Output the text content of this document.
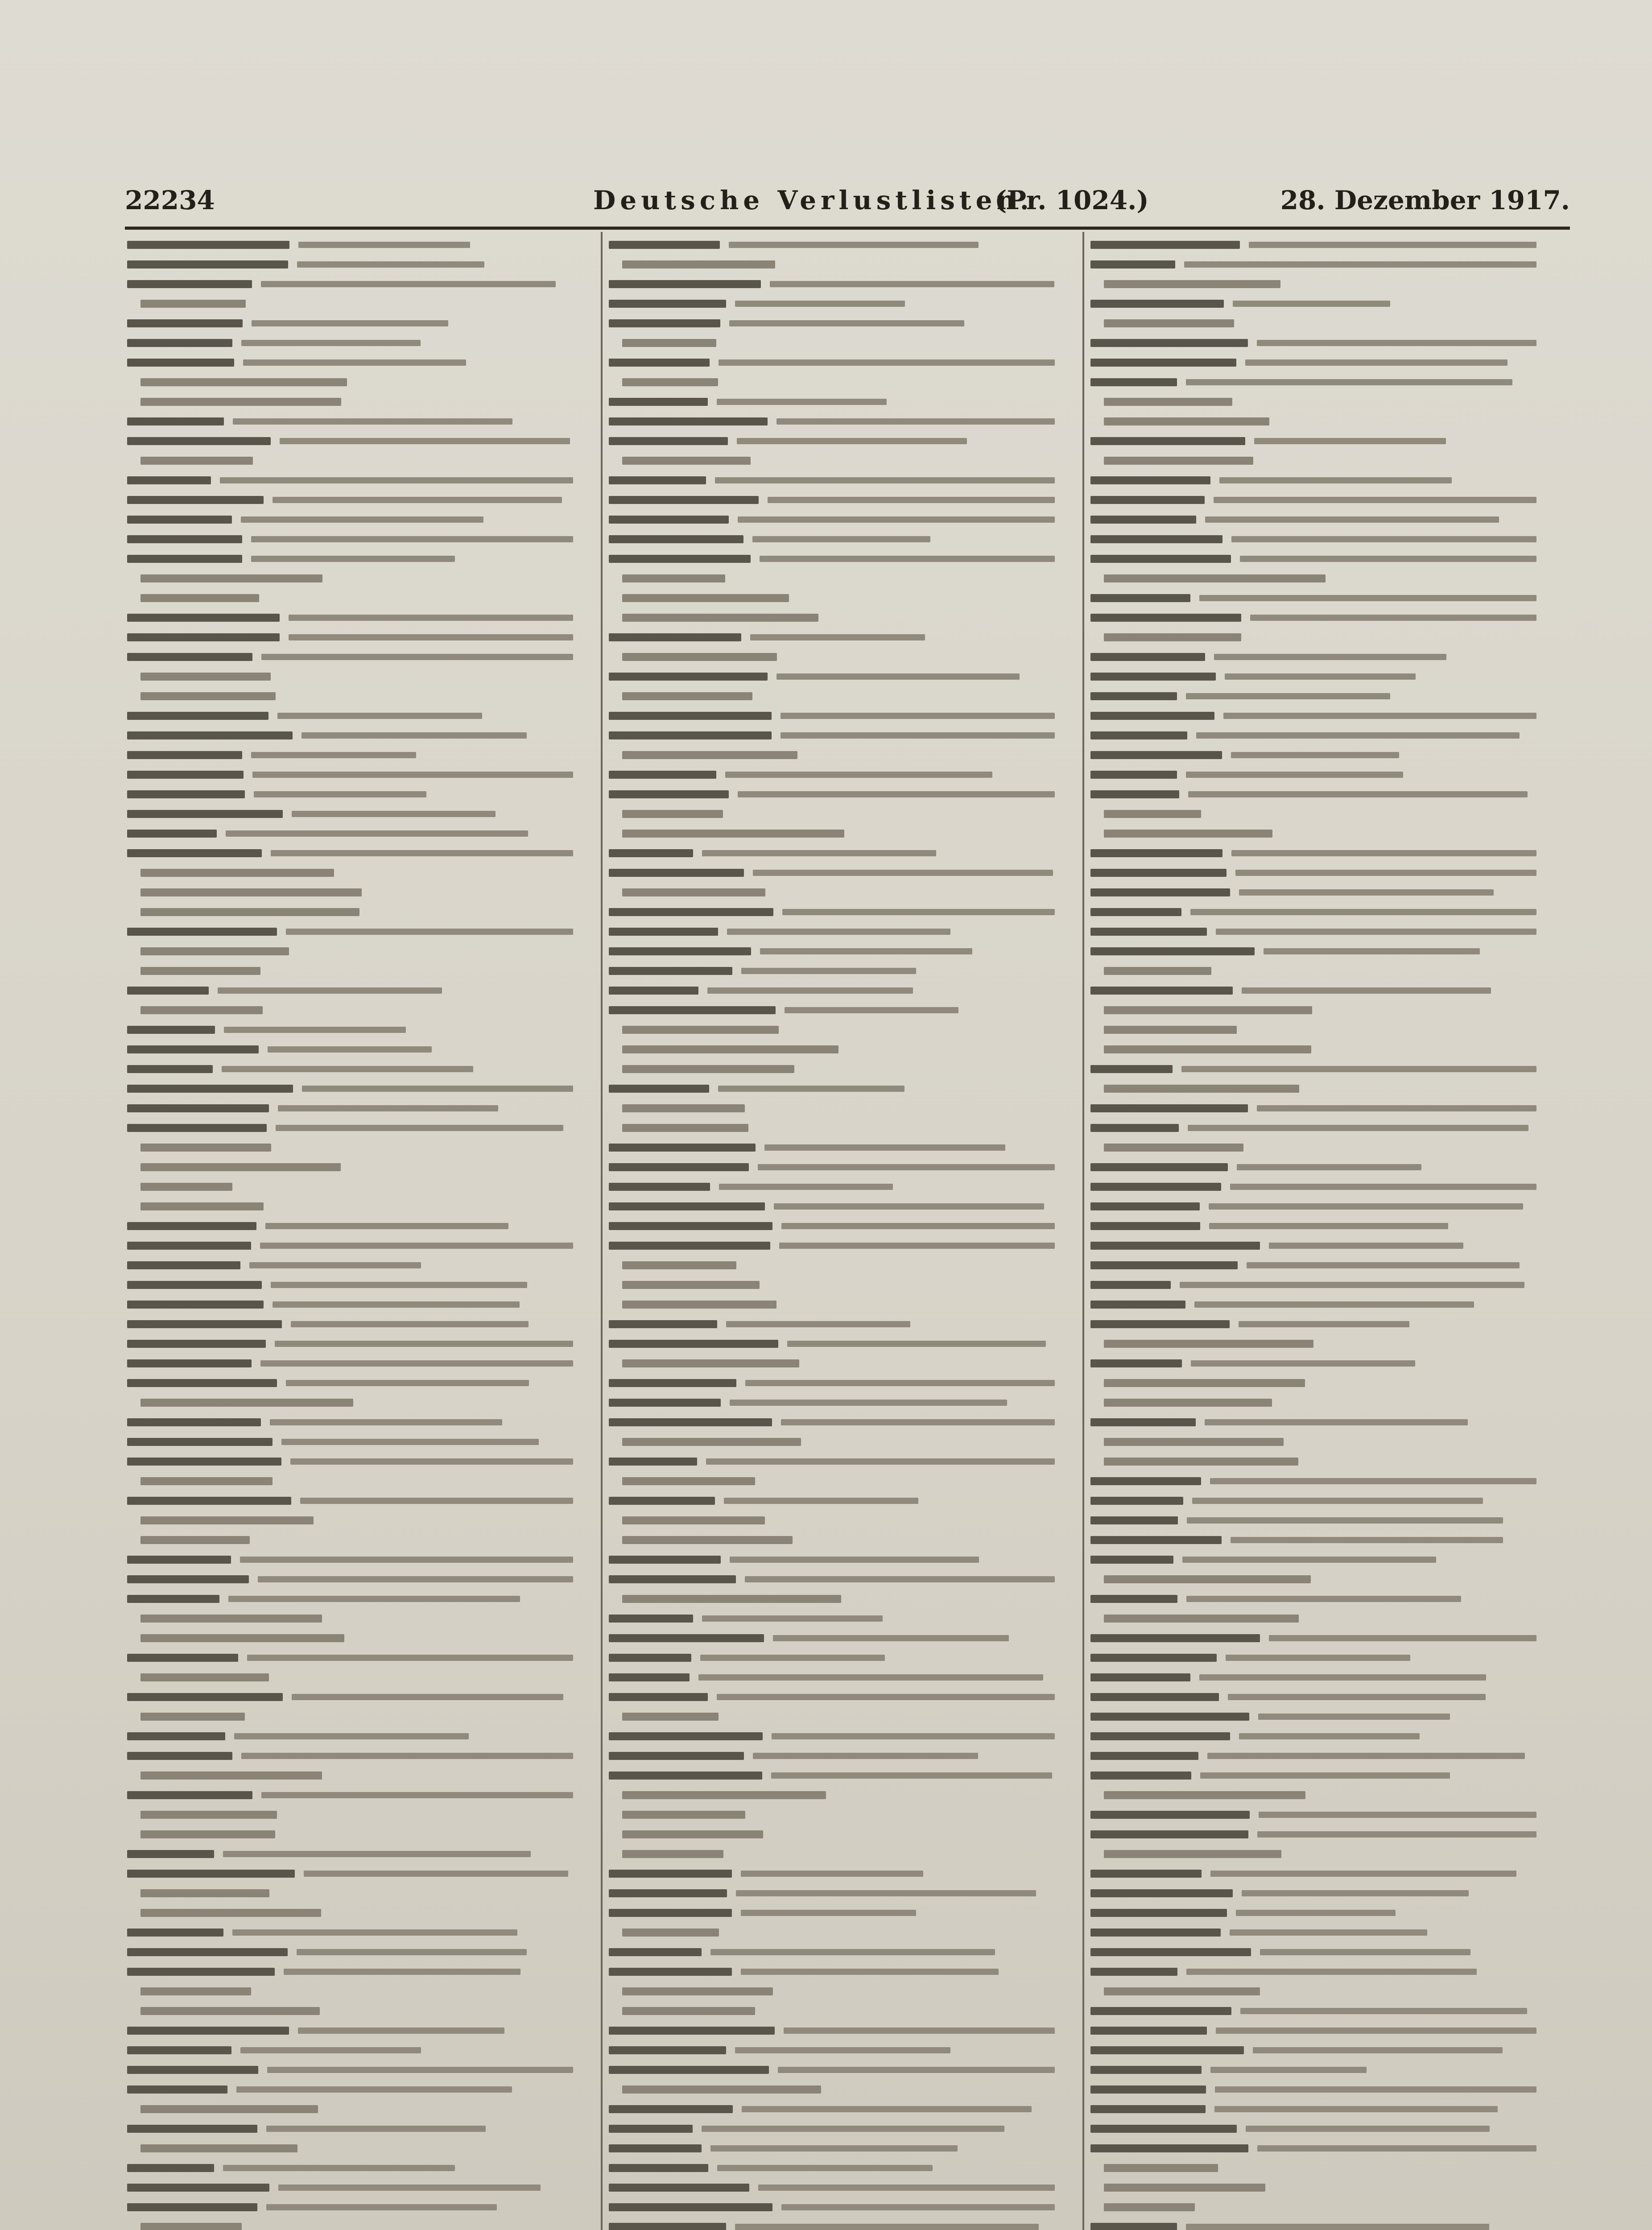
22234	Deutsche Verlustlisten.
(Pr. 1024.)	28. Dezember 1917.
